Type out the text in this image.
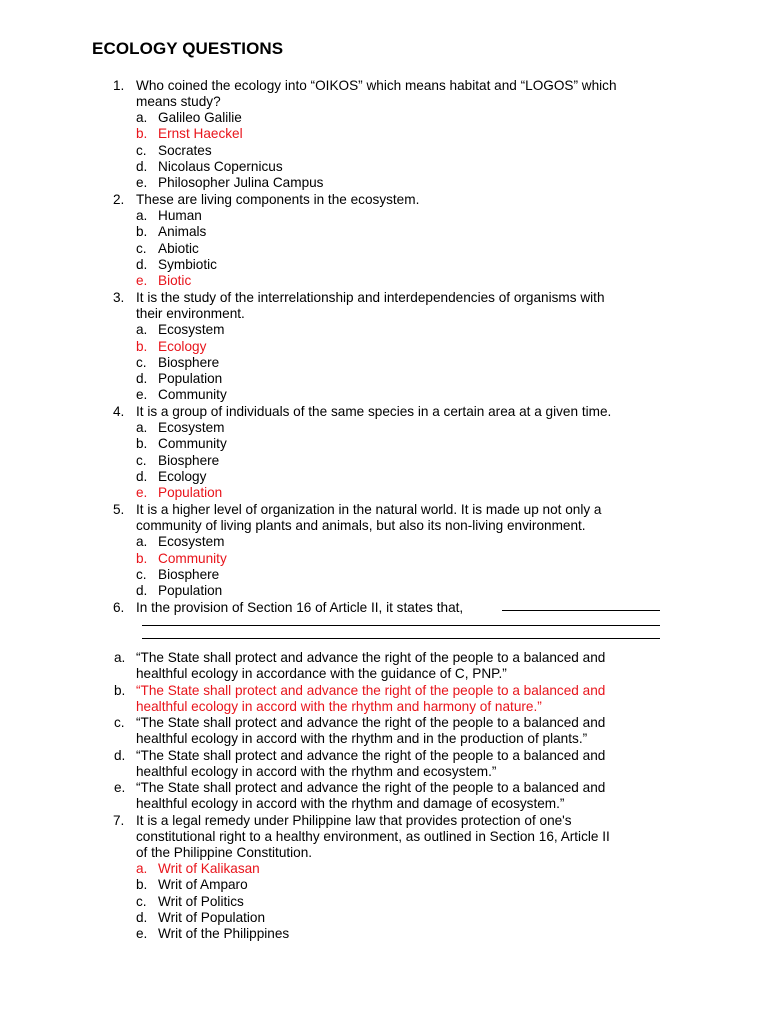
ECOLOGY QUESTIONS
1. Who coined the ecology into “OIKOS” which means habitat and “LOGOS” which
means study?
a. Galileo Galilie
b. Ernst Haeckel
c. Socrates
d. Nicolaus Copernicus
e. Philosopher Julina Campus
2. These are living components in the ecosystem.
a. Human
b. Animals
c. Abiotic
d. Symbiotic
e. Biotic
3. It is the study of the interrelationship and interdependencies of organisms with
their environment.
a. Ecosystem
b. Ecology
c. Biosphere
d. Population
e. Community
4. It is a group of individuals of the same species in a certain area at a given time.
a. Ecosystem
b. Community
c. Biosphere
d. Ecology
e. Population
5. It is a higher level of organization in the natural world. It is made up not only a
community of living plants and animals, but also its non-living environment.
a. Ecosystem
b. Community
c. Biosphere
d. Population
6. In the provision of Section 16 of Article II, it states that,
a. “The State shall protect and advance the right of the people to a balanced and
healthful ecology in accordance with the guidance of C, PNP.”
b. “The State shall protect and advance the right of the people to a balanced and
healthful ecology in accord with the rhythm and harmony of nature.”
c. “The State shall protect and advance the right of the people to a balanced and
healthful ecology in accord with the rhythm and in the production of plants.”
d. “The State shall protect and advance the right of the people to a balanced and
healthful ecology in accord with the rhythm and ecosystem.”
e. “The State shall protect and advance the right of the people to a balanced and
healthful ecology in accord with the rhythm and damage of ecosystem.”
7. It is a legal remedy under Philippine law that provides protection of one's
constitutional right to a healthy environment, as outlined in Section 16, Article II
of the Philippine Constitution.
a. Writ of Kalikasan
b. Writ of Amparo
c. Writ of Politics
d. Writ of Population
e. Writ of the Philippines
